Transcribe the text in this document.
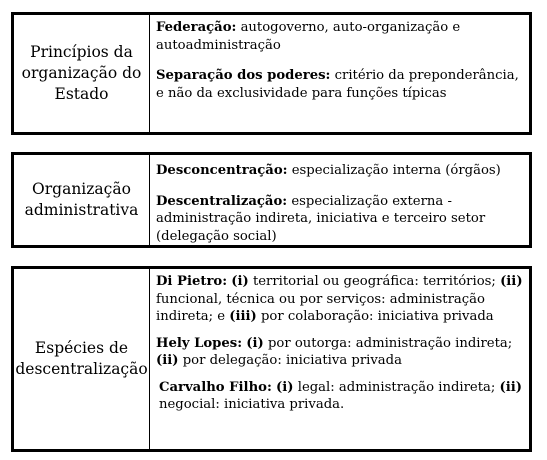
Princípios da organização do Estado

Federação: autogoverno, auto-organização e autoadministração

Separação dos poderes: critério da preponderância, e não da exclusividade para funções típicas

Organização administrativa

Desconcentração: especialização interna (órgãos)

Descentralização: especialização externa - administração indireta, iniciativa e terceiro setor (delegação social)

Espécies de descentralização

Di Pietro: (i) territorial ou geográfica: territórios; (ii) funcional, técnica ou por serviços: administração indireta; e (iii) por colaboração: iniciativa privada

Hely Lopes: (i) por outorga: administração indireta; (ii) por delegação: iniciativa privada

Carvalho Filho: (i) legal: administração indireta; (ii) negocial: iniciativa privada.
